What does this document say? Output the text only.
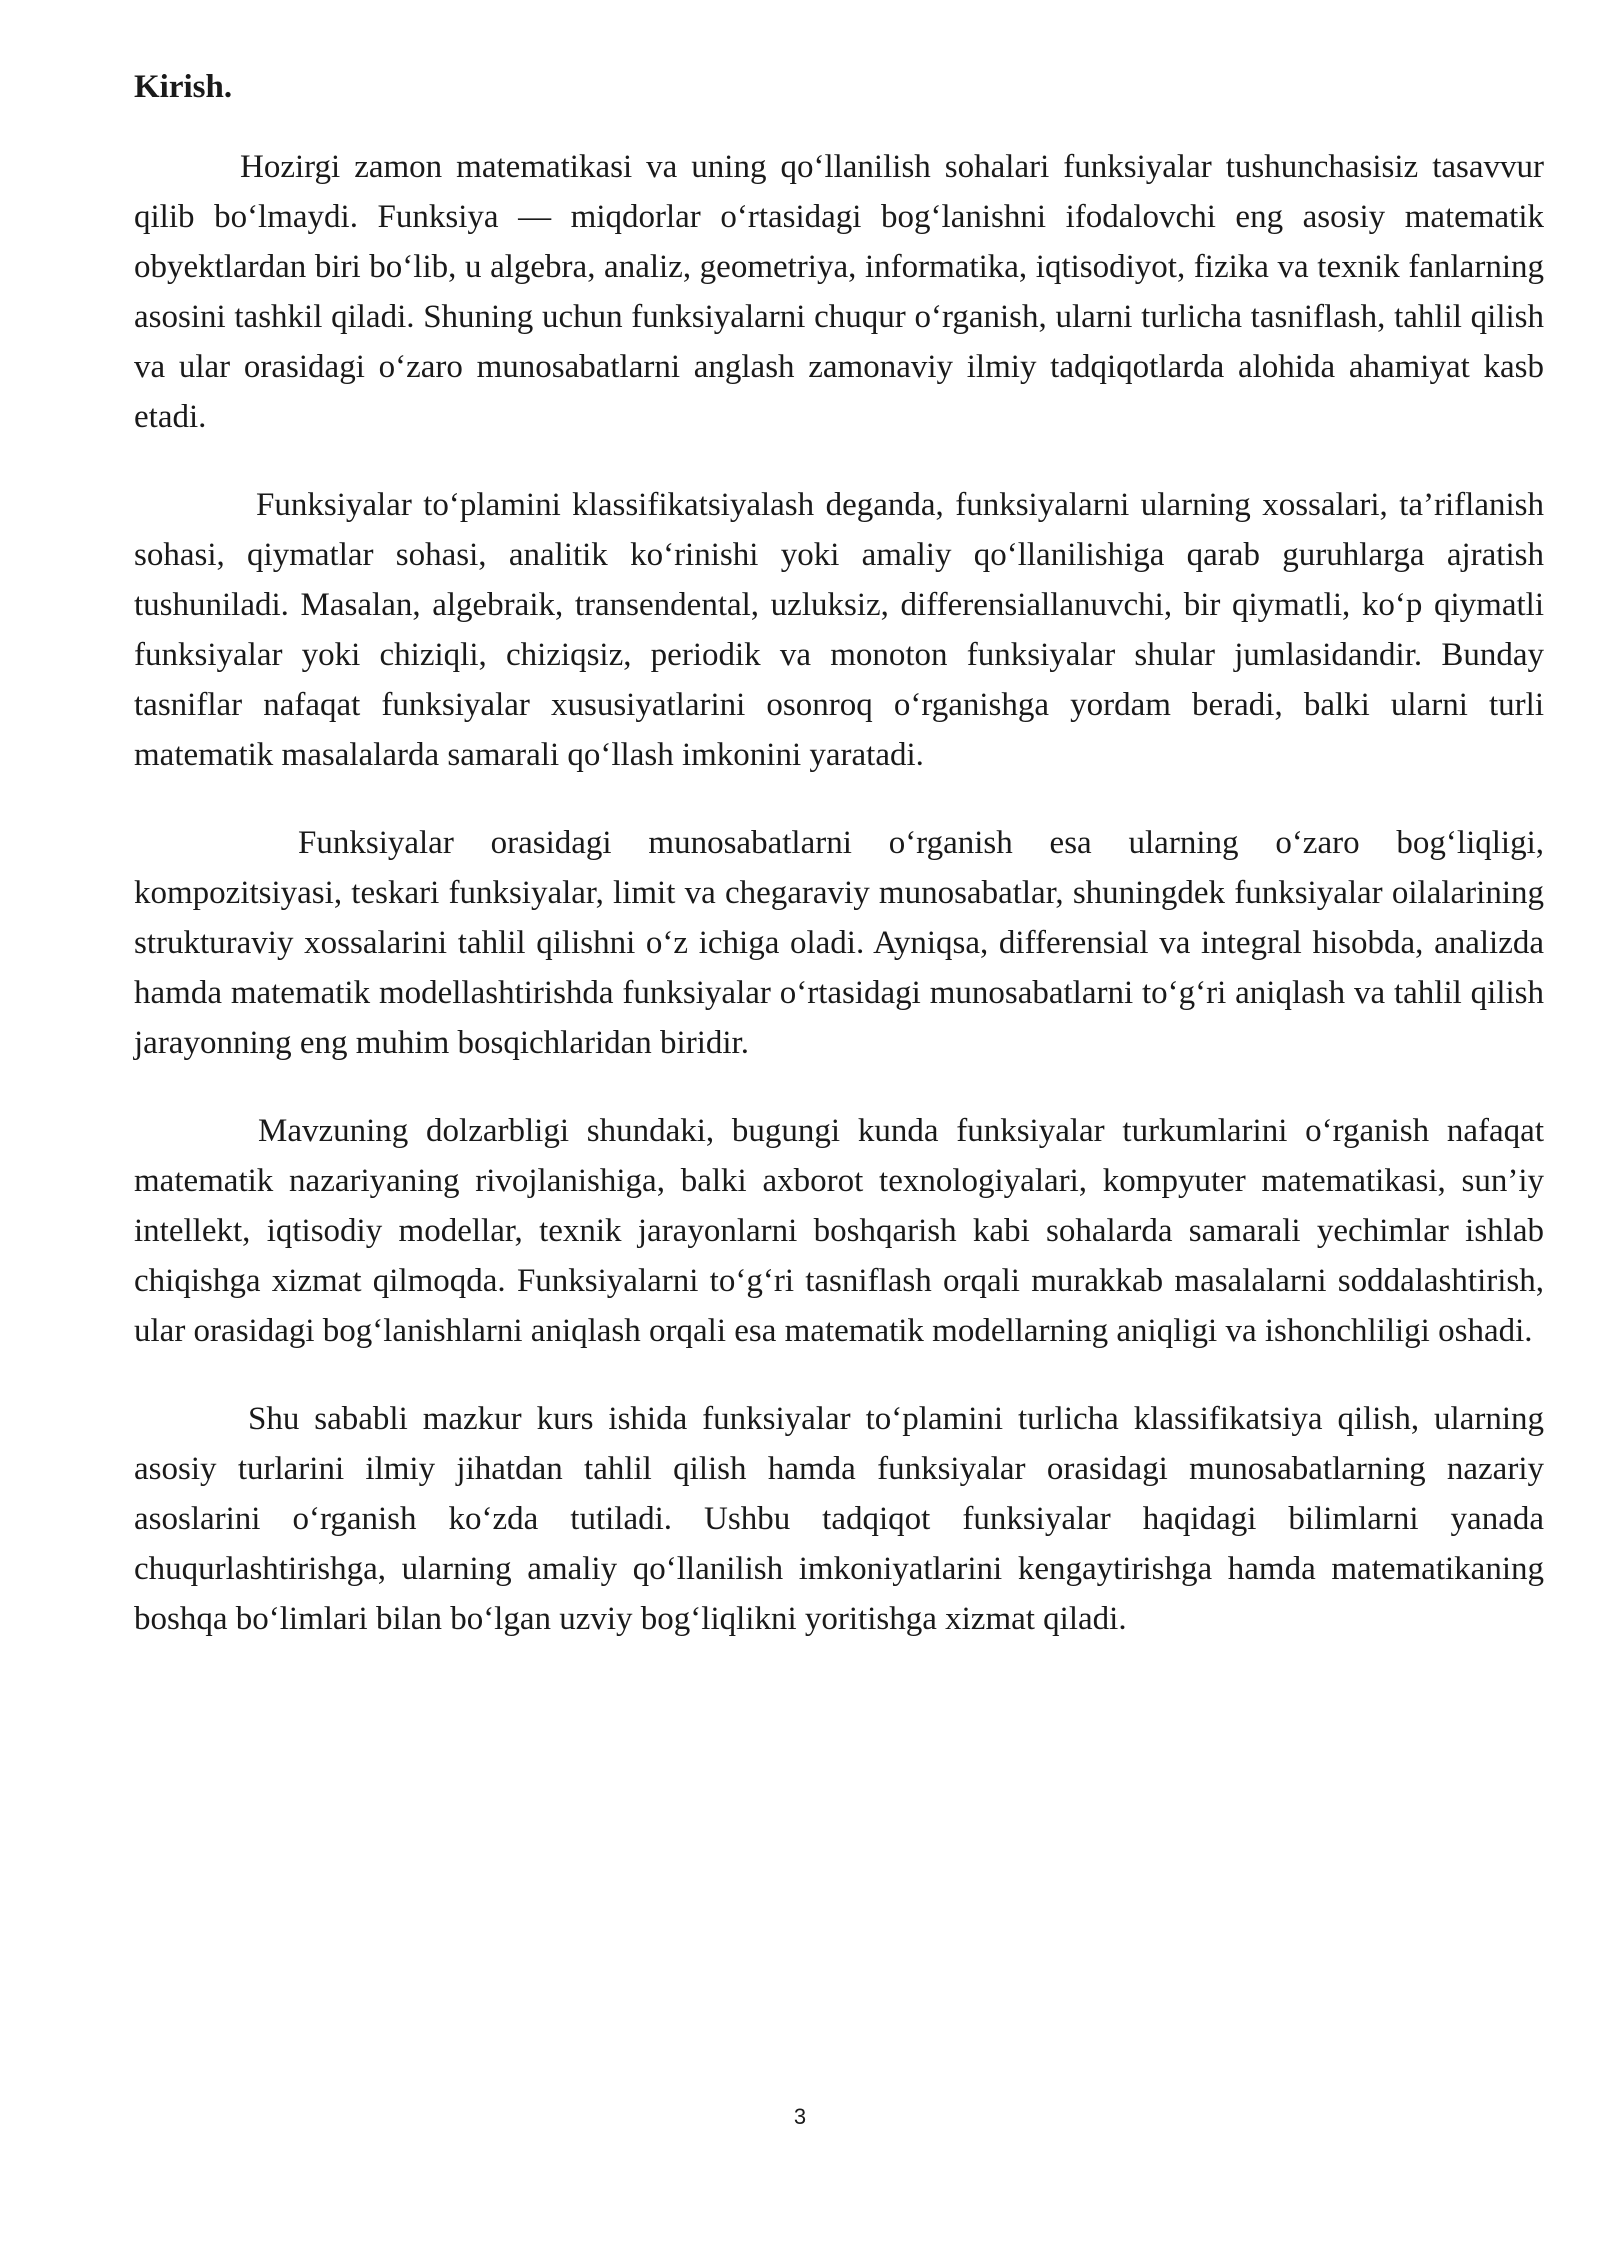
Kirish.

Hozirgi zamon matematikasi va uning qo‘llanilish sohalari funksiyalar tushunchasisiz tasavvur qilib bo‘lmaydi. Funksiya — miqdorlar o‘rtasidagi bog‘lanishni ifodalovchi eng asosiy matematik obyektlardan biri bo‘lib, u algebra, analiz, geometriya, informatika, iqtisodiyot, fizika va texnik fanlarning asosini tashkil qiladi. Shuning uchun funksiyalarni chuqur o‘rganish, ularni turlicha tasniflash, tahlil qilish va ular orasidagi o‘zaro munosabatlarni anglash zamonaviy ilmiy tadqiqotlarda alohida ahamiyat kasb etadi.

Funksiyalar to‘plamini klassifikatsiyalash deganda, funksiyalarni ularning xossalari, ta’riflanish sohasi, qiymatlar sohasi, analitik ko‘rinishi yoki amaliy qo‘llanilishiga qarab guruhlarga ajratish tushuniladi. Masalan, algebraik, transendental, uzluksiz, differensiallanuvchi, bir qiymatli, ko‘p qiymatli funksiyalar yoki chiziqli, chiziqsiz, periodik va monoton funksiyalar shular jumlasidandir. Bunday tasniflar nafaqat funksiyalar xususiyatlarini osonroq o‘rganishga yordam beradi, balki ularni turli matematik masalalarda samarali qo‘llash imkonini yaratadi.

Funksiyalar orasidagi munosabatlarni o‘rganish esa ularning o‘zaro bog‘liqligi, kompozitsiyasi, teskari funksiyalar, limit va chegaraviy munosabatlar, shuningdek funksiyalar oilalarining strukturaviy xossalarini tahlil qilishni o‘z ichiga oladi. Ayniqsa, differensial va integral hisobda, analizda hamda matematik modellashtirishda funksiyalar o‘rtasidagi munosabatlarni to‘g‘ri aniqlash va tahlil qilish jarayonning eng muhim bosqichlaridan biridir.

Mavzuning dolzarbligi shundaki, bugungi kunda funksiyalar turkumlarini o‘rganish nafaqat matematik nazariyaning rivojlanishiga, balki axborot texnologiyalari, kompyuter matematikasi, sun’iy intellekt, iqtisodiy modellar, texnik jarayonlarni boshqarish kabi sohalarda samarali yechimlar ishlab chiqishga xizmat qilmoqda. Funksiyalarni to‘g‘ri tasniflash orqali murakkab masalalarni soddalashtirish, ular orasidagi bog‘lanishlarni aniqlash orqali esa matematik modellarning aniqligi va ishonchliligi oshadi.

Shu sababli mazkur kurs ishida funksiyalar to‘plamini turlicha klassifikatsiya qilish, ularning asosiy turlarini ilmiy jihatdan tahlil qilish hamda funksiyalar orasidagi munosabatlarning nazariy asoslarini o‘rganish ko‘zda tutiladi. Ushbu tadqiqot funksiyalar haqidagi bilimlarni yanada chuqurlashtirishga, ularning amaliy qo‘llanilish imkoniyatlarini kengaytirishga hamda matematikaning boshqa bo‘limlari bilan bo‘lgan uzviy bog‘liqlikni yoritishga xizmat qiladi.

3
